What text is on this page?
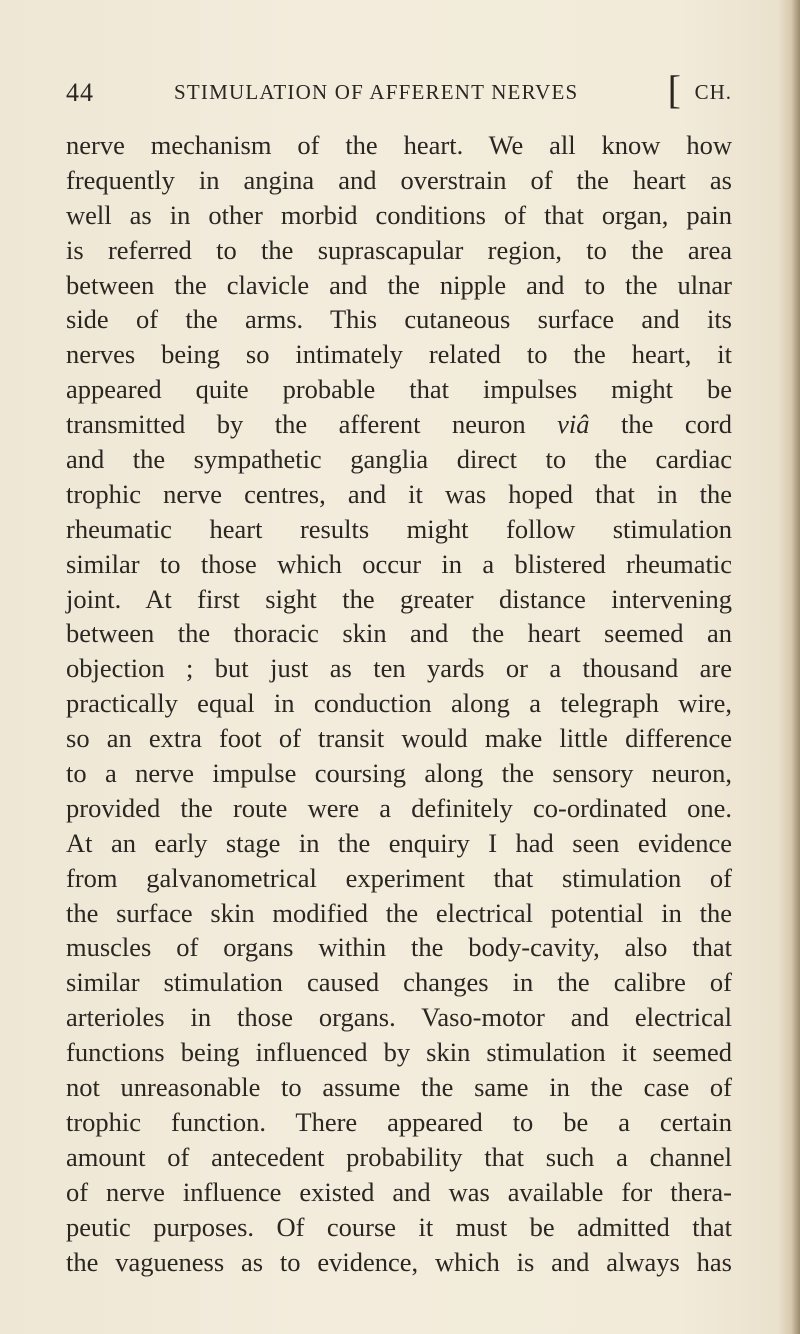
44	STIMULATION OF AFFERENT NERVES [ CH.
nerve mechanism of the heart. We all know how
frequently in angina and overstrain of the heart as
well as in other morbid conditions of that organ, pain
is referred to the suprascapular region, to the area
between the clavicle and the nipple and to the ulnar
side of the arms. This cutaneous surface and its
nerves being so intimately related to the heart, it
appeared quite probable that impulses might be
transmitted by the afferent neuron viâ the cord
and the sympathetic ganglia direct to the cardiac
trophic nerve centres, and it was hoped that in the
rheumatic heart results might follow stimulation
similar to those which occur in a blistered rheumatic
joint. At first sight the greater distance intervening
between the thoracic skin and the heart seemed an
objection ; but just as ten yards or a thousand are
practically equal in conduction along a telegraph wire,
so an extra foot of transit would make little difference
to a nerve impulse coursing along the sensory neuron,
provided the route were a definitely co-ordinated one.
At an early stage in the enquiry I had seen evidence
from galvanometrical experiment that stimulation of
the surface skin modified the electrical potential in the
muscles of organs within the body-cavity, also that
similar stimulation caused changes in the calibre of
arterioles in those organs. Vaso-motor and electrical
functions being influenced by skin stimulation it seemed
not unreasonable to assume the same in the case of
trophic function. There appeared to be a certain
amount of antecedent probability that such a channel
of nerve influence existed and was available for thera-
peutic purposes. Of course it must be admitted that
the vagueness as to evidence, which is and always has
